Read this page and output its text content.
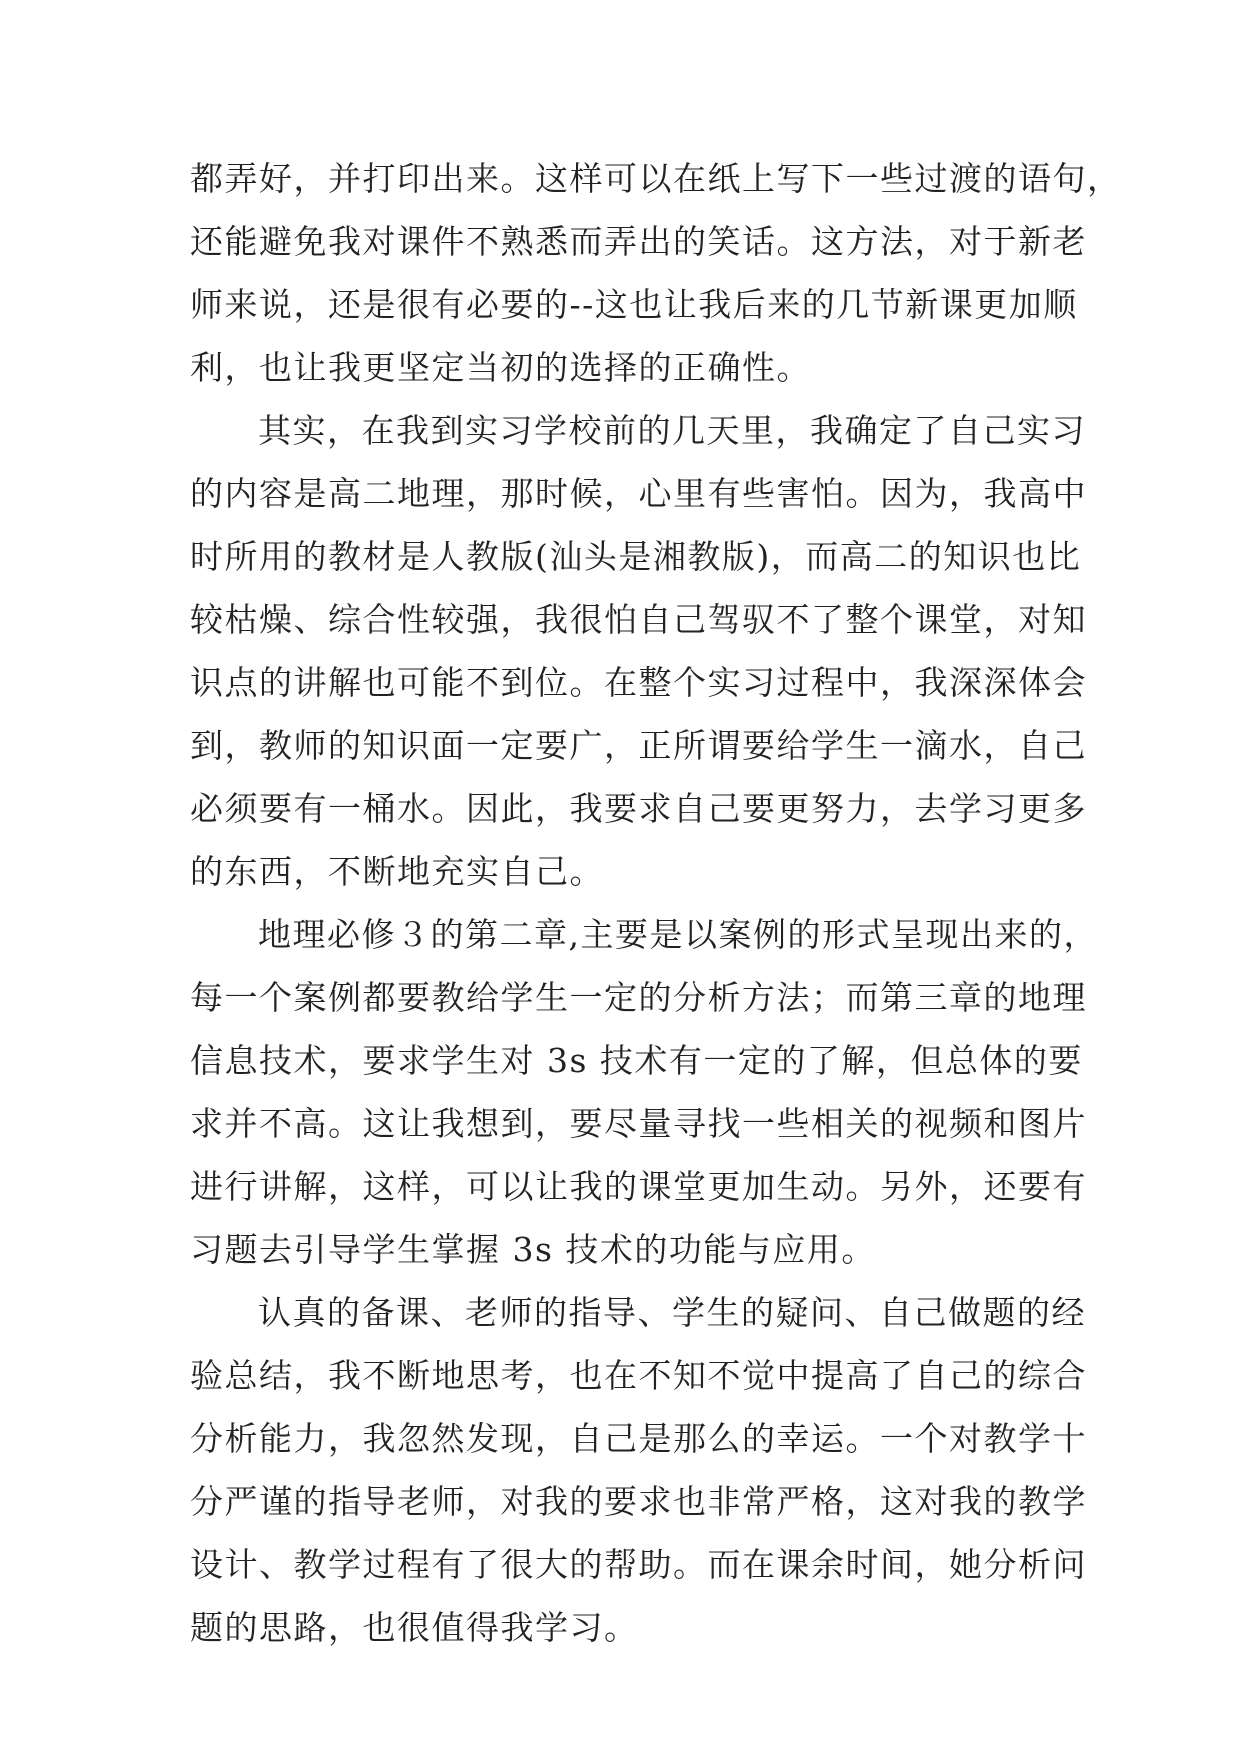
都弄好，并打印出来。这样可以在纸上写下一些过渡的语句，
还能避免我对课件不熟悉而弄出的笑话。这方法，对于新老
师来说，还是很有必要的--这也让我后来的几节新课更加顺
利，也让我更坚定当初的选择的正确性。
其实，在我到实习学校前的几天里，我确定了自己实习
的内容是高二地理，那时候，心里有些害怕。因为，我高中
时所用的教材是人教版(汕头是湘教版)，而高二的知识也比
较枯燥、综合性较强，我很怕自己驾驭不了整个课堂，对知
识点的讲解也可能不到位。在整个实习过程中，我深深体会
到，教师的知识面一定要广，正所谓要给学生一滴水，自己
必须要有一桶水。因此，我要求自己要更努力，去学习更多
的东西，不断地充实自己。
地理必修３的第二章,主要是以案例的形式呈现出来的，
每一个案例都要教给学生一定的分析方法；而第三章的地理
信息技术，要求学生对 3s 技术有一定的了解，但总体的要
求并不高。这让我想到，要尽量寻找一些相关的视频和图片
进行讲解，这样，可以让我的课堂更加生动。另外，还要有
习题去引导学生掌握 3s 技术的功能与应用。
认真的备课、老师的指导、学生的疑问、自己做题的经
验总结，我不断地思考，也在不知不觉中提高了自己的综合
分析能力，我忽然发现，自己是那么的幸运。一个对教学十
分严谨的指导老师，对我的要求也非常严格，这对我的教学
设计、教学过程有了很大的帮助。而在课余时间，她分析问
题的思路，也很值得我学习。
